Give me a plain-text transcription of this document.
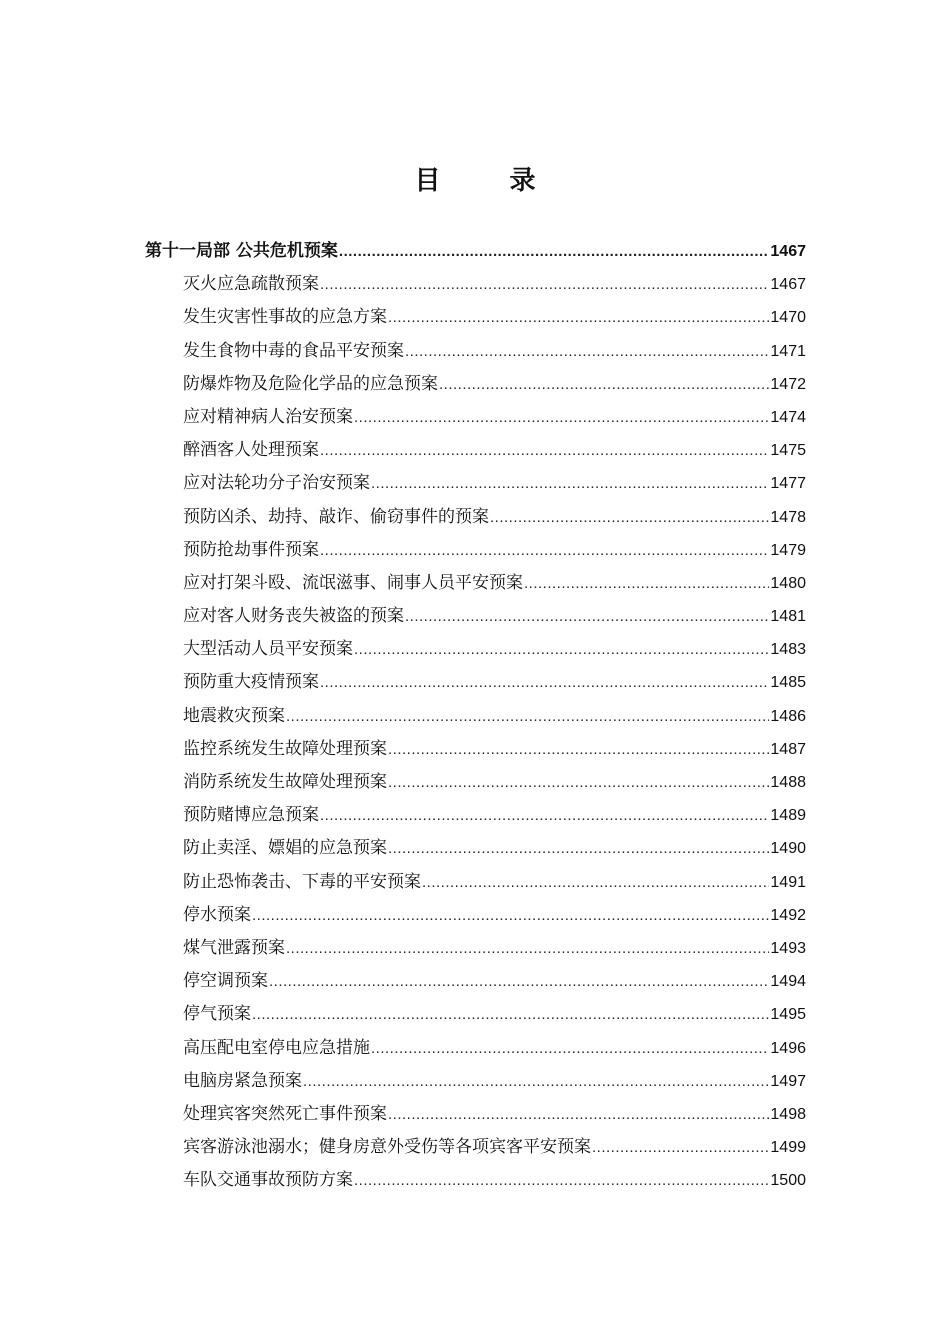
目 录
第十一局部 公共危机预案 .....	1467
灭火应急疏散预案 .....	1467
发生灾害性事故的应急方案 .....	1470
发生食物中毒的食品平安预案 .....	1471
防爆炸物及危险化学品的应急预案 .....	1472
应对精神病人治安预案 .....	1474
醉酒客人处理预案 .....	1475
应对法轮功分子治安预案 .....	1477
预防凶杀、劫持、敲诈、偷窃事件的预案 .....	1478
预防抢劫事件预案 .....	1479
应对打架斗殴、流氓滋事、闹事人员平安预案 .....	1480
应对客人财务丧失被盗的预案 .....	1481
大型活动人员平安预案 .....	1483
预防重大疫情预案 .....	1485
地震救灾预案 .....	1486
监控系统发生故障处理预案 .....	1487
消防系统发生故障处理预案 .....	1488
预防赌博应急预案 .....	1489
防止卖淫、嫖娼的应急预案 .....	1490
防止恐怖袭击、下毒的平安预案 .....	1491
停水预案 .....	1492
煤气泄露预案 .....	1493
停空调预案 .....	1494
停气预案 .....	1495
高压配电室停电应急措施 .....	1496
电脑房紧急预案 .....	1497
处理宾客突然死亡事件预案 .....	1498
宾客游泳池溺水；健身房意外受伤等各项宾客平安预案 .....	1499
车队交通事故预防方案 .....	1500
